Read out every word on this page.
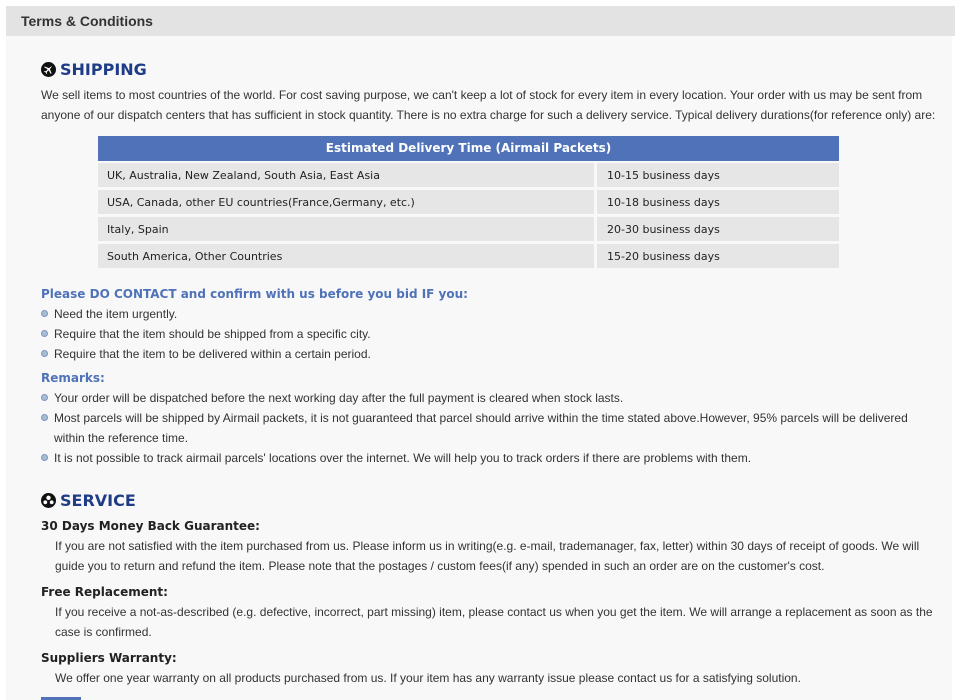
Terms & Conditions
SHIPPING
We sell items to most countries of the world. For cost saving purpose, we can't keep a lot of stock for every item in every location. Your order with us may be sent from anyone of our dispatch centers that has sufficient in stock quantity. There is no extra charge for such a delivery service. Typical delivery durations(for reference only) are:
Estimated Delivery Time (Airmail Packets)
UK, Australia, New Zealand, South Asia, East Asia	10-15 business days
USA, Canada, other EU countries(France,Germany, etc.)	10-18 business days
Italy, Spain	20-30 business days
South America, Other Countries	15-20 business days
Please DO CONTACT and confirm with us before you bid IF you:
Need the item urgently.
Require that the item should be shipped from a specific city.
Require that the item to be delivered within a certain period.
Remarks:
Your order will be dispatched before the next working day after the full payment is cleared when stock lasts.
Most parcels will be shipped by Airmail packets, it is not guaranteed that parcel should arrive within the time stated above.However, 95% parcels will be delivered within the reference time.
It is not possible to track airmail parcels' locations over the internet. We will help you to track orders if there are problems with them.
SERVICE
30 Days Money Back Guarantee:
If you are not satisfied with the item purchased from us. Please inform us in writing(e.g. e-mail, trademanager, fax, letter) within 30 days of receipt of goods. We will guide you to return and refund the item. Please note that the postages / custom fees(if any) spended in such an order are on the customer's cost.
Free Replacement:
If you receive a not-as-described (e.g. defective, incorrect, part missing) item, please contact us when you get the item. We will arrange a replacement as soon as the case is confirmed.
Suppliers Warranty:
We offer one year warranty on all products purchased from us. If your item has any warranty issue please contact us for a satisfying solution.
